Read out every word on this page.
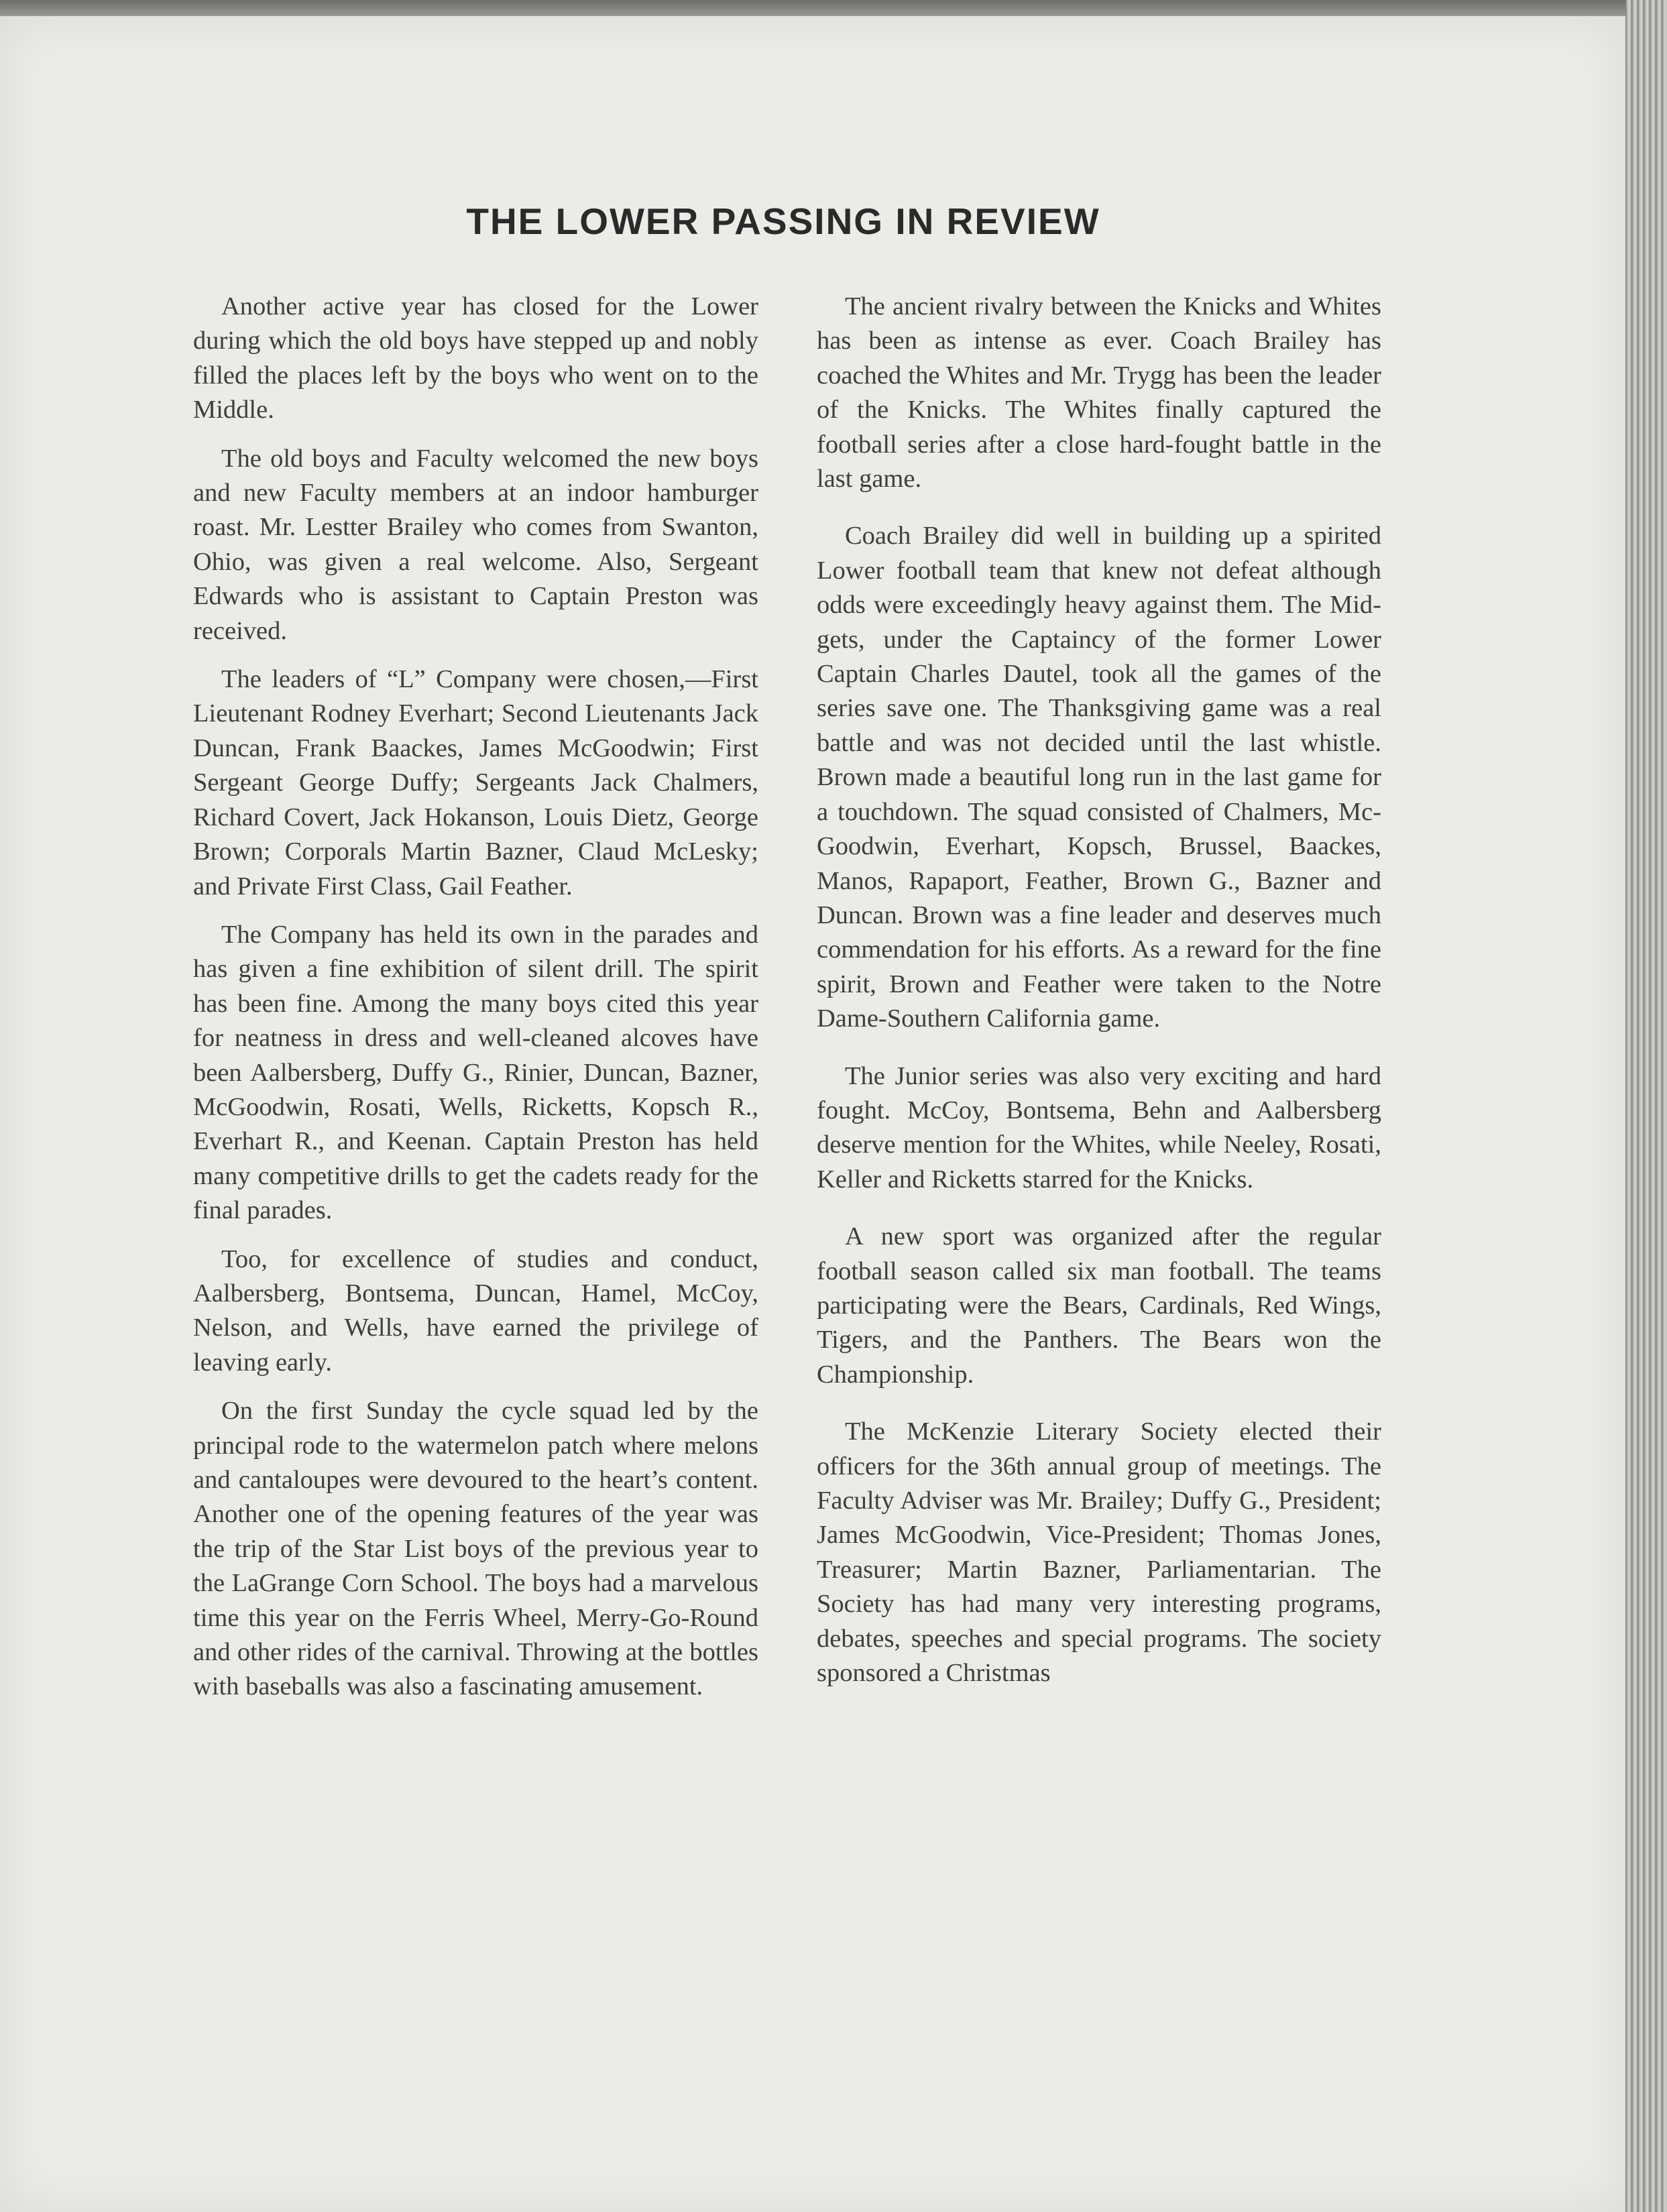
THE LOWER PASSING IN REVIEW

Another active year has closed for the Lower during which the old boys have stepped up and nobly filled the places left by the boys who went on to the Middle.

The old boys and Faculty welcomed the new boys and new Faculty members at an indoor hamburger roast. Mr. Lestter Brailey who comes from Swanton, Ohio, was given a real welcome. Also, Sergeant Edwards who is assistant to Captain Preston was received.

The leaders of “L” Company were chosen,—First Lieutenant Rodney Everhart; Second Lieutenants Jack Duncan, Frank Baackes, James McGoodwin; First Sergeant George Duffy; Sergeants Jack Chalmers, Richard Covert, Jack Hokanson, Louis Dietz, George Brown; Corporals Martin Bazner, Claud McLesky; and Private First Class, Gail Feather.

The Company has held its own in the parades and has given a fine exhibition of silent drill. The spirit has been fine. Among the many boys cited this year for neatness in dress and well-cleaned alcoves have been Aalbersberg, Duffy G., Rinier, Duncan, Bazner, McGoodwin, Rosati, Wells, Ricketts, Kopsch R., Everhart R., and Keenan. Captain Preston has held many competitive drills to get the cadets ready for the final parades.

Too, for excellence of studies and conduct, Aalbersberg, Bontsema, Duncan, Hamel, McCoy, Nelson, and Wells, have earned the privilege of leaving early.

On the first Sunday the cycle squad led by the principal rode to the watermelon patch where melons and cantaloupes were devoured to the heart’s content. Another one of the opening features of the year was the trip of the Star List boys of the previous year to the LaGrange Corn School. The boys had a marvelous time this year on the Ferris Wheel, Merry-Go-Round and other rides of the carnival. Throwing at the bottles with baseballs was also a fascinating amusement.

The ancient rivalry between the Knicks and Whites has been as intense as ever. Coach Brailey has coached the Whites and Mr. Trygg has been the leader of the Knicks. The Whites finally captured the football series after a close hard-fought battle in the last game.

Coach Brailey did well in building up a spirited Lower football team that knew not defeat although odds were exceedingly heavy against them. The Midgets, under the Captaincy of the former Lower Captain Charles Dautel, took all the games of the series save one. The Thanksgiving game was a real battle and was not decided until the last whistle. Brown made a beautiful long run in the last game for a touchdown. The squad consisted of Chalmers, McGoodwin, Everhart, Kopsch, Brussel, Baackes, Manos, Rapaport, Feather, Brown G., Bazner and Duncan. Brown was a fine leader and deserves much commendation for his efforts. As a reward for the fine spirit, Brown and Feather were taken to the Notre Dame-Southern California game.

The Junior series was also very exciting and hard fought. McCoy, Bontsema, Behn and Aalbersberg deserve mention for the Whites, while Neeley, Rosati, Keller and Ricketts starred for the Knicks.

A new sport was organized after the regular football season called six man football. The teams participating were the Bears, Cardinals, Red Wings, Tigers, and the Panthers. The Bears won the Championship.

The McKenzie Literary Society elected their officers for the 36th annual group of meetings. The Faculty Adviser was Mr. Brailey; Duffy G., President; James McGoodwin, Vice-President; Thomas Jones, Treasurer; Martin Bazner, Parliamentarian. The Society has had many very interesting programs, debates, speeches and special programs. The society sponsored a Christmas
